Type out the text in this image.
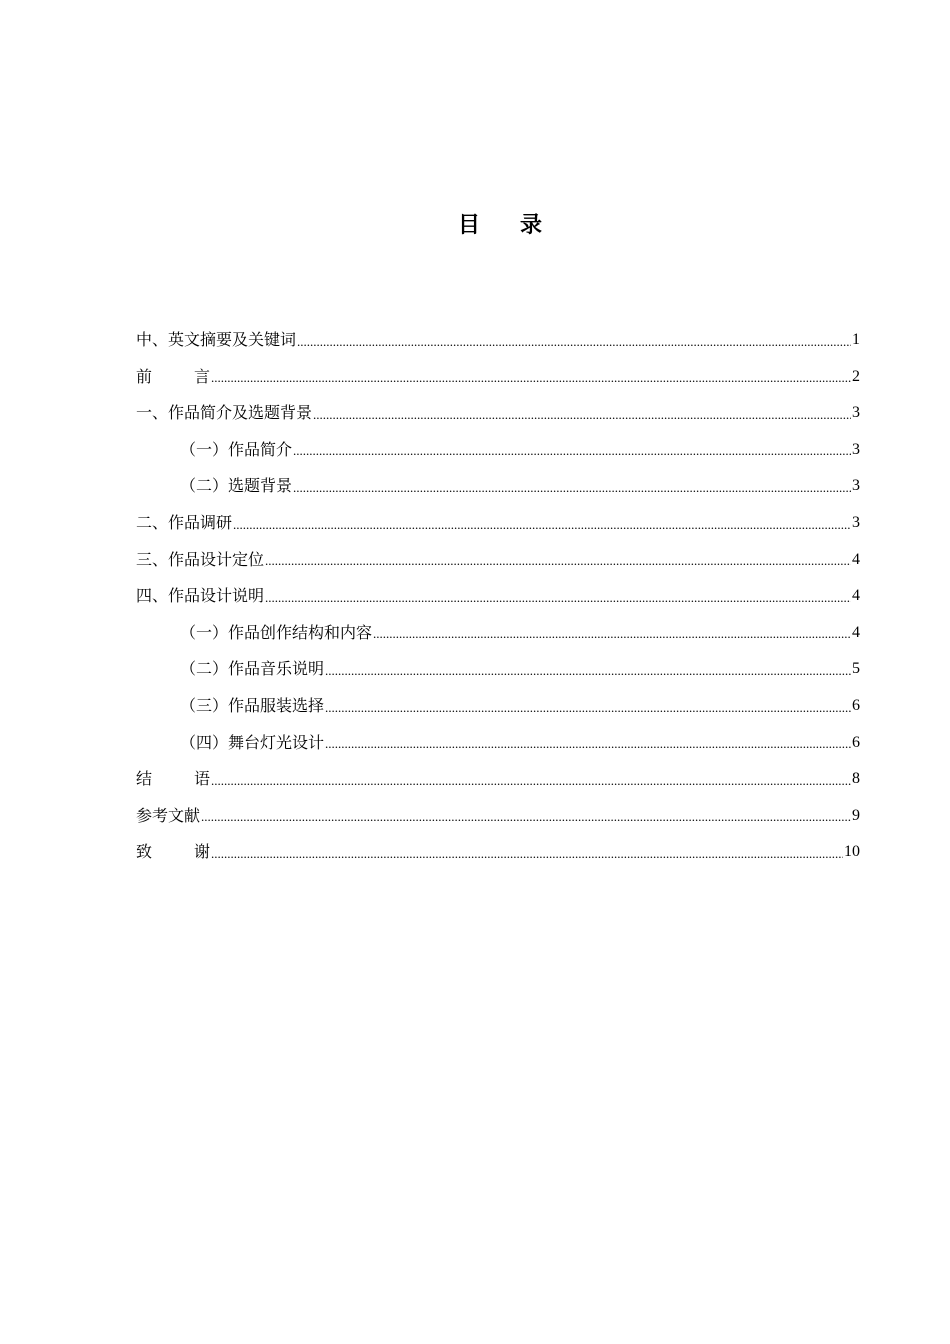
目 录
中、英文摘要及关键词 .....	1
前	言 .....	2
一、作品简介及选题背景 .....	3
（一）作品简介 .....	3
（二）选题背景 .....	3
二、作品调研 .....	3
三、作品设计定位 .....	4
四、作品设计说明 .....	4
（一）作品创作结构和内容 .....	4
（二）作品音乐说明 .....	5
（三）作品服装选择 .....	6
（四）舞台灯光设计 .....	6
结	语 .....	8
参考文献 .....	9
致	谢 .....	10
